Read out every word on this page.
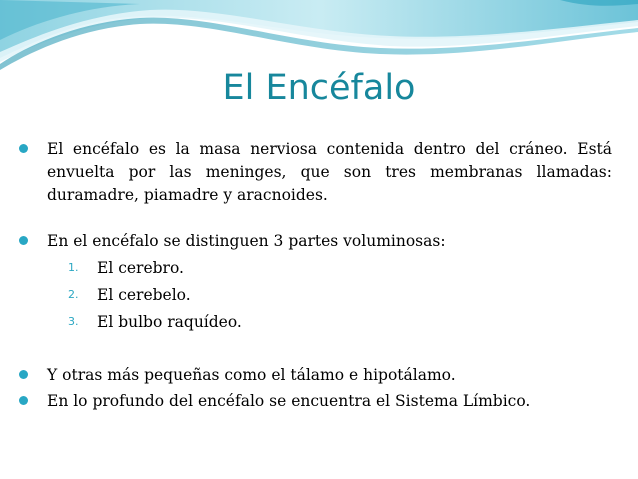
El Encéfalo
El encéfalo es la masa nerviosa contenida dentro del cráneo. Está envuelta por las meninges, que son tres membranas llamadas: duramadre, piamadre y aracnoides.
En el encéfalo se distinguen 3 partes voluminosas:
1. El cerebro.
2. El cerebelo.
3. El bulbo raquídeo.
Y otras más pequeñas como el tálamo e hipotálamo.
En lo profundo del encéfalo se encuentra el Sistema Límbico.
